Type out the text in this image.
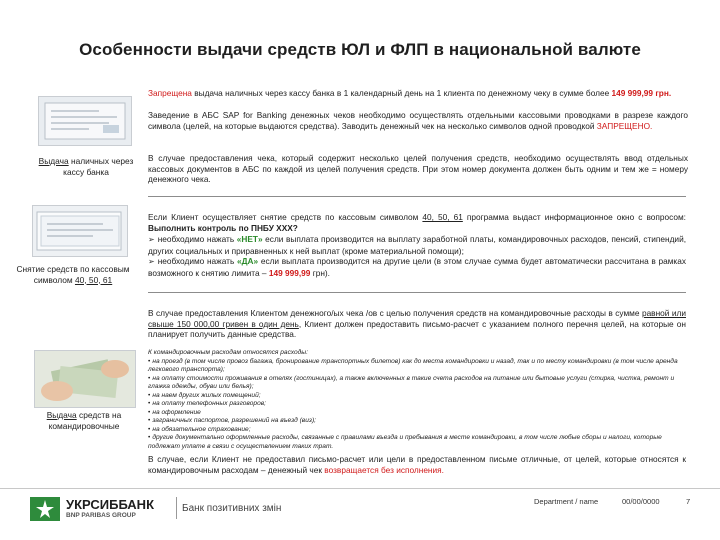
Особенности выдачи средств ЮЛ и ФЛП в национальной валюте
Выдача наличных через кассу банка
Запрещена выдача наличных через кассу банка в 1 календарный день на 1 клиента по денежному чеку в сумме более 149 999,99 грн.
Заведение в АБС SAP for Banking денежных чеков необходимо осуществлять отдельными кассовыми проводками в разрезе каждого символа (целей, на которые выдаются средства). Заводить денежный чек на несколько символов одной проводкой ЗАПРЕЩЕНО.
В случае предоставления чека, который содержит несколько целей получения средств, необходимо осуществлять ввод отдельных кассовых документов в АБС по каждой из целей получения средств. При этом номер документа должен быть одним и тем же = номеру денежного чека.
Снятие средств по кассовым символом 40, 50, 61
Если Клиент осуществляет снятие средств по кассовым символом 40, 50, 61 программа выдаст информационное окно с вопросом: Выполнить контроль по ПНБУ XXX?
➢ необходимо нажать «НЕТ» если выплата производится на выплату заработной платы, командировочных расходов, пенсий, стипендий, других социальных и приравненных к ней выплат (кроме материальной помощи);
➢ необходимо нажать «ДА» если выплата производится на другие цели (в этом случае сумма будет автоматически рассчитана в рамках возможного к снятию лимита – 149 999,99 грн).
В случае предоставления Клиентом денежного/ых чека /ов с целью получения средств на командировочные расходы в сумме равной или свыше 150 000,00 гривен в один день, Клиент должен предоставить письмо-расчет с указанием полного перечня целей, на которые он планирует получить данные средства.
Выдача средств на командировочные
К командировочным расходам относятся расходы:
• на проезд (в том числе провоз багажа, бронирование транспортных билетов) как до места командировки и назад, так и по месту командировки (в том числе аренда легкового транспорта);
• на оплату стоимости проживания в отелях (гостиницах), а также включенных в такие счета расходов на питание или бытовые услуги (стирка, чистка, ремонт и глажка одежды, обуви или белья);
• на наем других жилых помещений;
• на оплату телефонных разговоров;
• на оформление
• заграничных паспортов, разрешений на въезд (виз);
• на обязательное страхование;
• другие документально оформленные расходы, связанные с правилами въезда и пребывания в месте командировки, в том числе любые сборы и налоги, которые подлежат уплате в связи с осуществлением таких трат.
В случае, если Клиент не предоставил письмо-расчет или цели в предоставленном письме отличные, от целей, которые относятся к командировочным расходам – денежный чек возвращается без исполнения.
УКРСИББАНК
BNP PARIBAS GROUP
Банк позитивних змін
Department / name	00/00/0000	7
